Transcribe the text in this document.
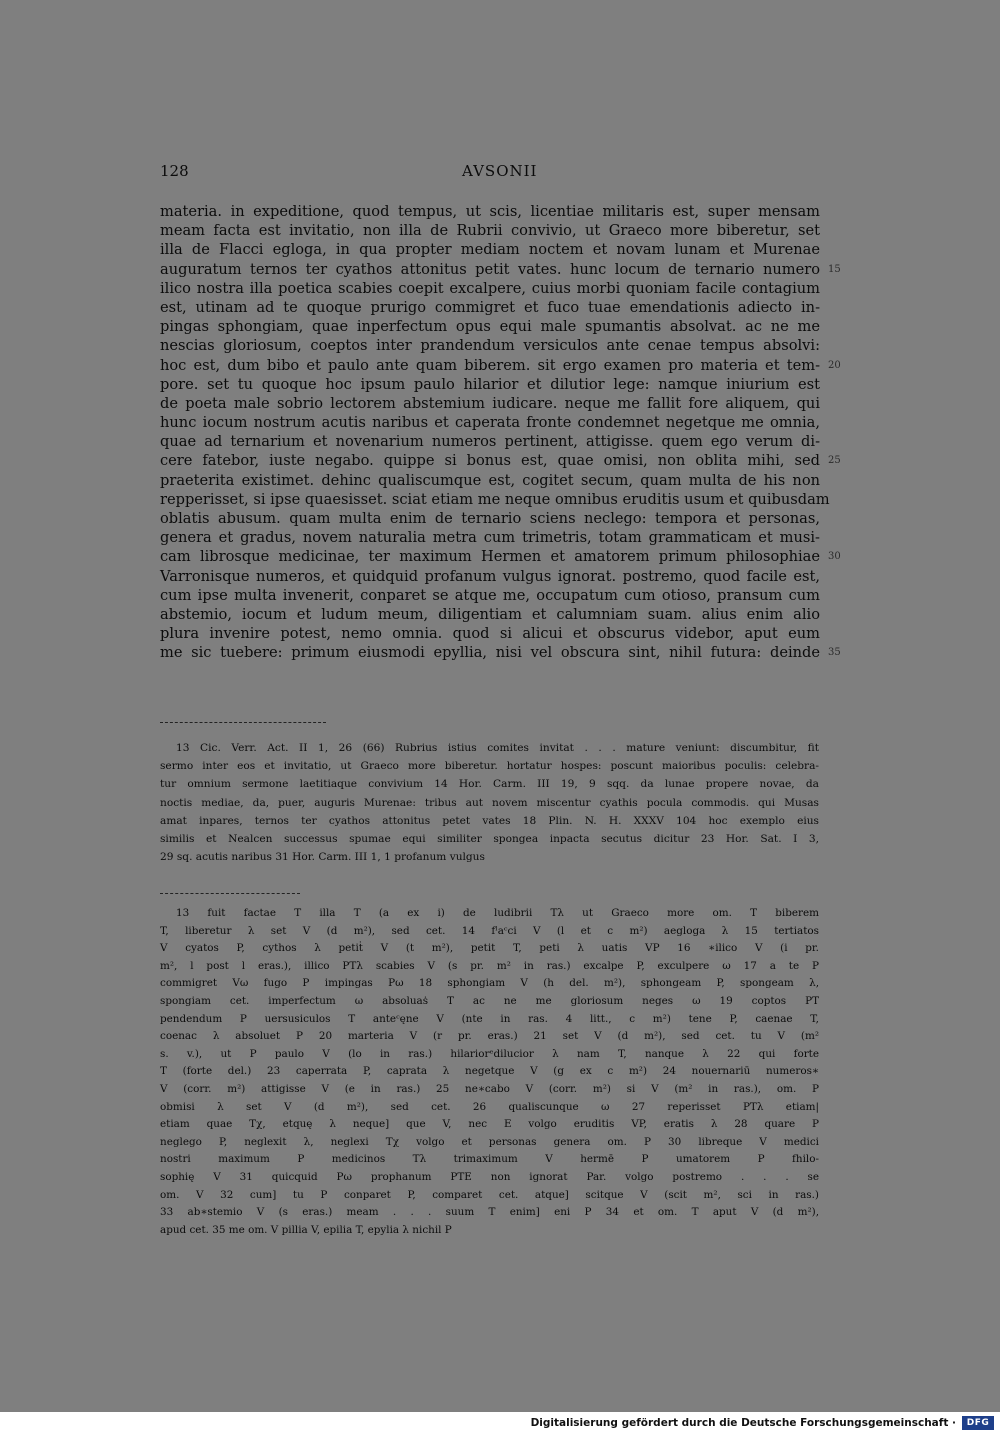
128	AVSONII
materia. in expeditione, quod tempus, ut scis, licentiae militaris est, super mensam
meam facta est invitatio, non illa de Rubrii convivio, ut Graeco more biberetur, set
illa de Flacci egloga, in qua propter mediam noctem et novam lunam et Murenae
auguratum ternos ter cyathos attonitus petit vates. hunc locum de ternario numero 15
ilico nostra illa poetica scabies coepit excalpere, cuius morbi quoniam facile contagium
est, utinam ad te quoque prurigo commigret et fuco tuae emendationis adiecto in-
pingas sphongiam, quae inperfectum opus equi male spumantis absolvat. ac ne me
nescias gloriosum, coeptos inter prandendum versiculos ante cenae tempus absolvi:
hoc est, dum bibo et paulo ante quam biberem. sit ergo examen pro materia et tem- 20
pore. set tu quoque hoc ipsum paulo hilarior et dilutior lege: namque iniurium est
de poeta male sobrio lectorem abstemium iudicare. neque me fallit fore aliquem, qui
hunc iocum nostrum acutis naribus et caperata fronte condemnet negetque me omnia,
quae ad ternarium et novenarium numeros pertinent, attigisse. quem ego verum di-
cere fatebor, iuste negabo. quippe si bonus est, quae omisi, non oblita mihi, sed 25
praeterita existimet. dehinc qualiscumque est, cogitet secum, quam multa de his non
repperisset, si ipse quaesisset. sciat etiam me neque omnibus eruditis usum et quibusdam
oblatis abusum. quam multa enim de ternario sciens neclego: tempora et personas,
genera et gradus, novem naturalia metra cum trimetris, totam grammaticam et musi-
cam librosque medicinae, ter maximum Hermen et amatorem primum philosophiae 30
Varronisque numeros, et quidquid profanum vulgus ignorat. postremo, quod facile est,
cum ipse multa invenerit, conparet se atque me, occupatum cum otioso, pransum cum
abstemio, iocum et ludum meum, diligentiam et calumniam suam. alius enim alio
plura invenire potest, nemo omnia. quod si alicui et obscurus videbor, aput eum
me sic tuebere: primum eiusmodi epyllia, nisi vel obscura sint, nihil futura: deinde 35
13 Cic. Verr. Act. II 1, 26 (66) Rubrius istius comites invitat . . . mature veniunt: discumbitur, fit
sermo inter eos et invitatio, ut Graeco more biberetur. hortatur hospes: poscunt maioribus poculis: celebra-
tur omnium sermone laetitiaque convivium 14 Hor. Carm. III 19, 9 sqq. da lunae propere novae, da
noctis mediae, da, puer, auguris Murenae: tribus aut novem miscentur cyathis pocula commodis. qui Musas
amat inpares, ternos ter cyathos attonitus petet vates 18 Plin. N. H. XXXV 104 hoc exemplo eius
similis et Nealcen successus spumae equi similiter spongea inpacta secutus dicitur 23 Hor. Sat. I 3,
29 sq. acutis naribus 31 Hor. Carm. III 1, 1 profanum vulgus
13 fuit factae T illa T (a ex i) de ludibrii Tλ ut Graeco more om. T biberem
T, liberetur λ set V (d m²), sed cet. 14 fˡaᶜci V (l et c m²) aegloga λ 15 tertiatos
V cyatos P, cythos λ petiṫ V (t m²), petit T, peti λ uatis VP 16 ∗ilico V (i pr.
m², l post l eras.), illico PTλ scabies V (s pr. m² in ras.) excalpe P, exculpere ω 17 a te P
commigret Vω fugo P impingas Pω 18 sphongiam V (h del. m²), sphongeam P, spongeam λ,
spongiam cet. imperfectum ω absoluaṡ T ac ne me gloriosum neges ω 19 coptos PT
pendendum P uersusiculos T anteᶜęne V (nte in ras. 4 litt., c m²) tene P, caenae T,
coenac λ absoluet P 20 marteria V (r pr. eras.) 21 set V (d m²), sed cet. tu V (m²
s. v.), ut P paulo V (lo in ras.) hilariorᵉdilucior λ nam T, nanque λ 22 qui forte
T (forte del.) 23 caperrata P, caprata λ negetque V (g ex c m²) 24 nouernariū numeros∗
V (corr. m²) attigisse V (e in ras.) 25 ne∗cabo V (corr. m²) si V (m² in ras.), om. P
obmisi λ set V (d m²), sed cet. 26 qualiscunque ω 27 reperisset PTλ etiam|
etiam quae Tχ, etquę λ neque] que V, nec E volgo eruditis VP, eratis λ 28 quare P
neglego P, neglexit λ, neglexi Tχ volgo et personas genera om. P 30 libreque V medici
nostri maximum P medicinos Tλ trimaximum V hermē P umatorem P fhilo-
sophię V 31 quicquid Pω prophanum PTE non ignorat Par. volgo postremo . . . se
om. V 32 cum] tu P conparet P, comparet cet. atque] scitque V (scit m², sci in ras.)
33 ab∗stemio V (s eras.) meam . . . suum T enim] eni P 34 et om. T aput V (d m²),
apud cet. 35 me om. V pillia V, epilia T, epylia λ nichil P
Digitalisierung gefördert durch die Deutsche Forschungsgemeinschaft ·	DFG
